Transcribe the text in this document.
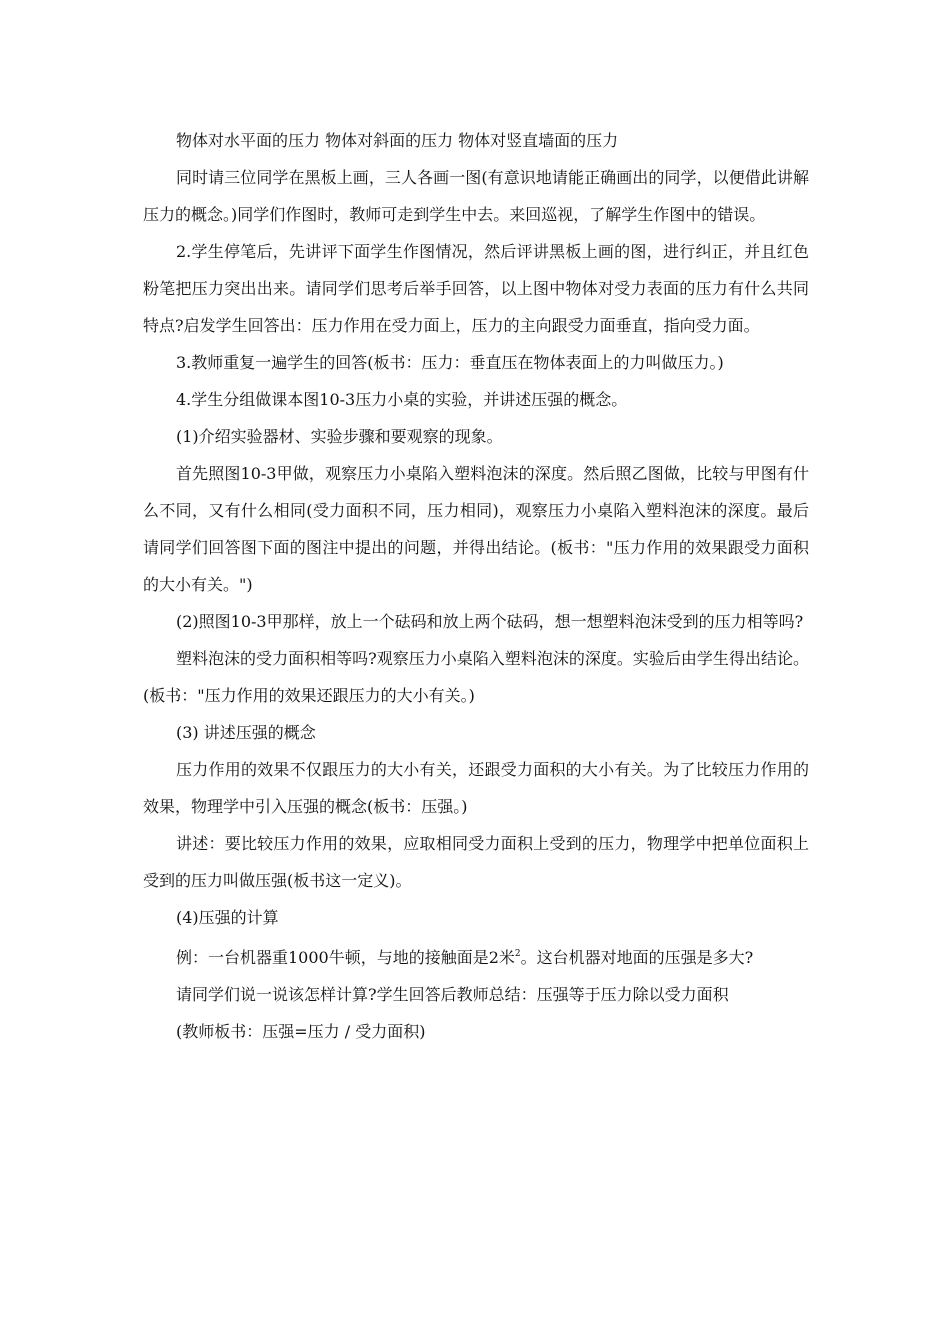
物体对水平面的压力 物体对斜面的压力 物体对竖直墙面的压力

同时请三位同学在黑板上画，三人各画一图(有意识地请能正确画出的同学，以便借此讲解压力的概念。)同学们作图时，教师可走到学生中去。来回巡视，了解学生作图中的错误。

2.学生停笔后，先讲评下面学生作图情况，然后评讲黑板上画的图，进行纠正，并且红色粉笔把压力突出出来。请同学们思考后举手回答，以上图中物体对受力表面的压力有什么共同特点?启发学生回答出：压力作用在受力面上，压力的主向跟受力面垂直，指向受力面。

3.教师重复一遍学生的回答(板书：压力：垂直压在物体表面上的力叫做压力。)

4.学生分组做课本图10-3压力小桌的实验，并讲述压强的概念。

(1)介绍实验器材、实验步骤和要观察的现象。

首先照图10-3甲做，观察压力小桌陷入塑料泡沫的深度。然后照乙图做，比较与甲图有什么不同，又有什么相同(受力面积不同，压力相同)，观察压力小桌陷入塑料泡沫的深度。最后请同学们回答图下面的图注中提出的问题，并得出结论。(板书："压力作用的效果跟受力面积的大小有关。")

(2)照图10-3甲那样，放上一个砝码和放上两个砝码，想一想塑料泡沫受到的压力相等吗?

塑料泡沫的受力面积相等吗?观察压力小桌陷入塑料泡沫的深度。实验后由学生得出结论。(板书："压力作用的效果还跟压力的大小有关。)

(3) 讲述压强的概念

压力作用的效果不仅跟压力的大小有关，还跟受力面积的大小有关。为了比较压力作用的效果，物理学中引入压强的概念(板书：压强。)

讲述：要比较压力作用的效果，应取相同受力面积上受到的压力，物理学中把单位面积上受到的压力叫做压强(板书这一定义)。

(4)压强的计算

例：一台机器重1000牛顿，与地的接触面是2米$^2$。这台机器对地面的压强是多大?

请同学们说一说该怎样计算?学生回答后教师总结：压强等于压力除以受力面积

(教师板书：压强=压力 / 受力面积)
